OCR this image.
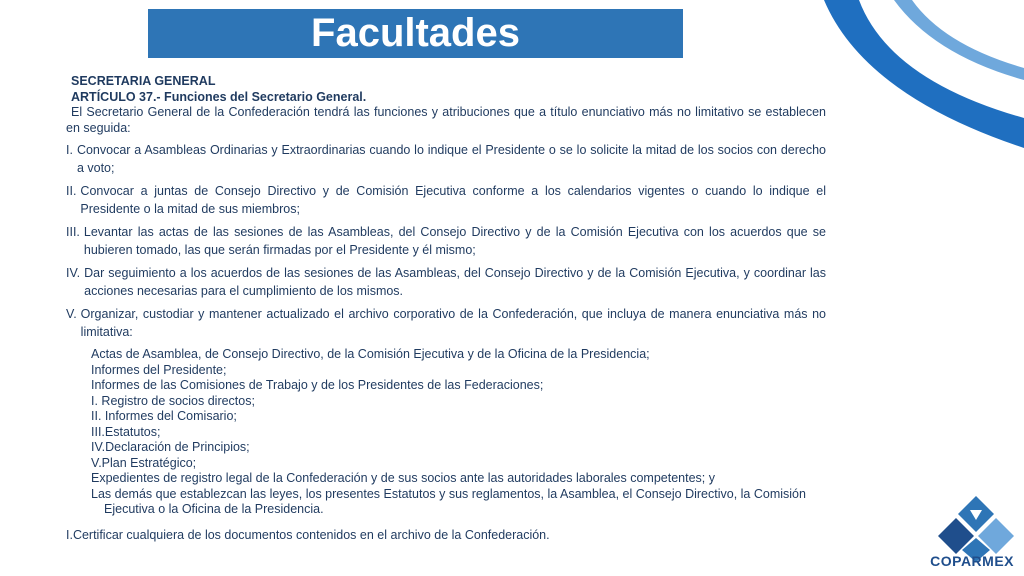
Facultades
SECRETARIA GENERAL
ARTÍCULO 37.- Funciones del Secretario General.
El Secretario General de la Confederación tendrá las funciones y atribuciones que a título enunciativo más no limitativo se establecen en seguida:
I. Convocar a Asambleas Ordinarias y Extraordinarias cuando lo indique el Presidente o se lo solicite la mitad de los socios con derecho a voto;
II. Convocar a juntas de Consejo Directivo y de Comisión Ejecutiva conforme a los calendarios vigentes o cuando lo indique el Presidente o la mitad de sus miembros;
III. Levantar las actas de las sesiones de las Asambleas, del Consejo Directivo y de la Comisión Ejecutiva con los acuerdos que se hubieren tomado, las que serán firmadas por el Presidente y él mismo;
IV. Dar seguimiento a los acuerdos de las sesiones de las Asambleas, del Consejo Directivo y de la Comisión Ejecutiva, y coordinar las acciones necesarias para el cumplimiento de los mismos.
V. Organizar, custodiar y mantener actualizado el archivo corporativo de la Confederación, que incluya de manera enunciativa más no limitativa:
Actas de Asamblea, de Consejo Directivo, de la Comisión Ejecutiva y de la Oficina de la Presidencia;
Informes del Presidente;
Informes de las Comisiones de Trabajo y de los Presidentes de las Federaciones;
I. Registro de socios directos;
II. Informes del Comisario;
III.Estatutos;
IV.Declaración de Principios;
V.Plan Estratégico;
Expedientes de registro legal de la Confederación y de sus socios ante las autoridades laborales competentes; y
Las demás que establezcan las leyes, los presentes Estatutos y sus reglamentos, la Asamblea, el Consejo Directivo, la Comisión
Ejecutiva o la Oficina de la Presidencia.
I.Certificar cualquiera de los documentos contenidos en el archivo de la Confederación.
COPARMEX
